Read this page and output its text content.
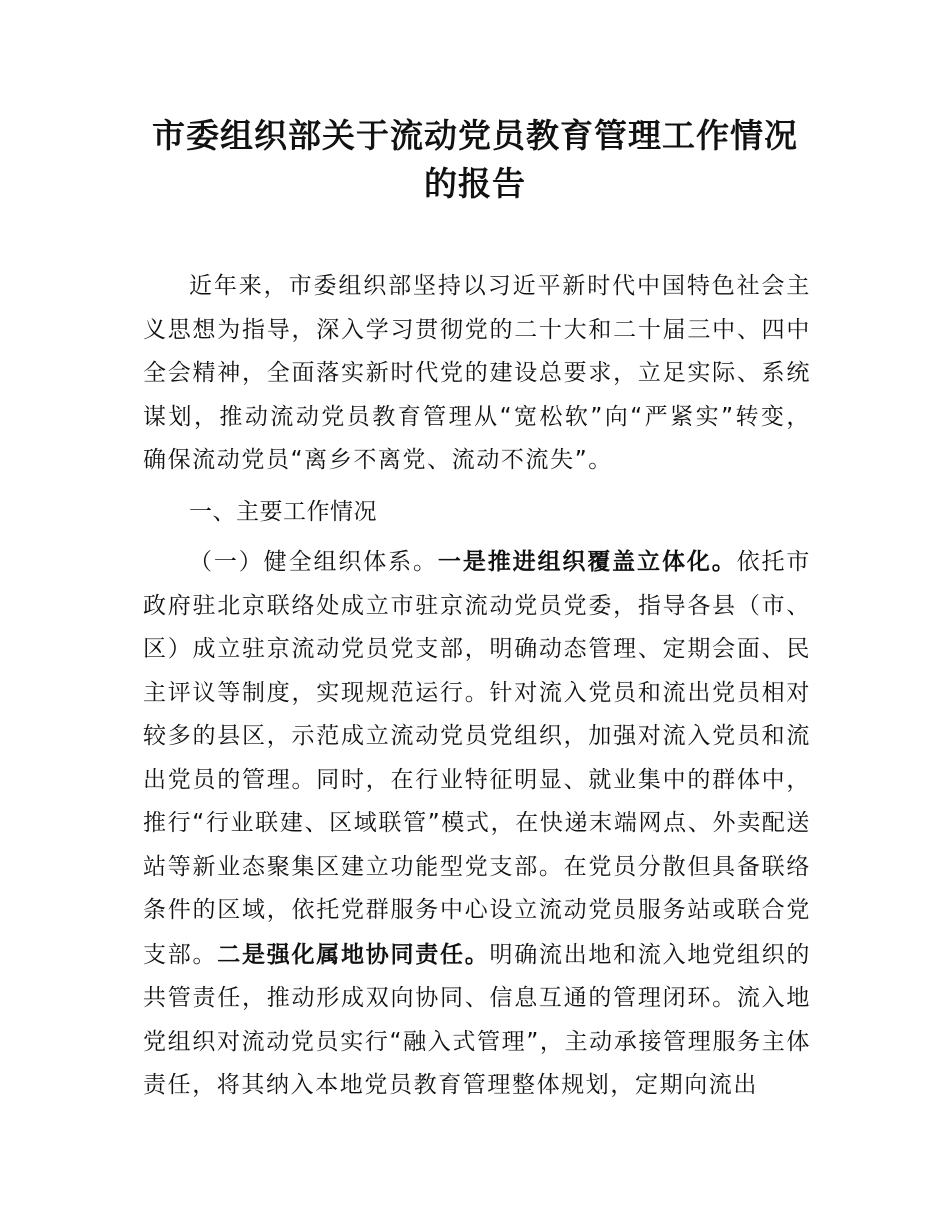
市委组织部关于流动党员教育管理工作情况
的报告

近年来，市委组织部坚持以习近平新时代中国特色社会主义思想为指导，深入学习贯彻党的二十大和二十届三中、四中全会精神，全面落实新时代党的建设总要求，立足实际、系统谋划，推动流动党员教育管理从“宽松软”向“严紧实”转变，确保流动党员“离乡不离党、流动不流失”。

一、主要工作情况

（一）健全组织体系。一是推进组织覆盖立体化。依托市政府驻北京联络处成立市驻京流动党员党委，指导各县（市、区）成立驻京流动党员党支部，明确动态管理、定期会面、民主评议等制度，实现规范运行。针对流入党员和流出党员相对较多的县区，示范成立流动党员党组织，加强对流入党员和流出党员的管理。同时，在行业特征明显、就业集中的群体中，推行“行业联建、区域联管”模式，在快递末端网点、外卖配送站等新业态聚集区建立功能型党支部。在党员分散但具备联络条件的区域，依托党群服务中心设立流动党员服务站或联合党支部。二是强化属地协同责任。明确流出地和流入地党组织的共管责任，推动形成双向协同、信息互通的管理闭环。流入地党组织对流动党员实行“融入式管理”，主动承接管理服务主体责任，将其纳入本地党员教育管理整体规划，定期向流出
